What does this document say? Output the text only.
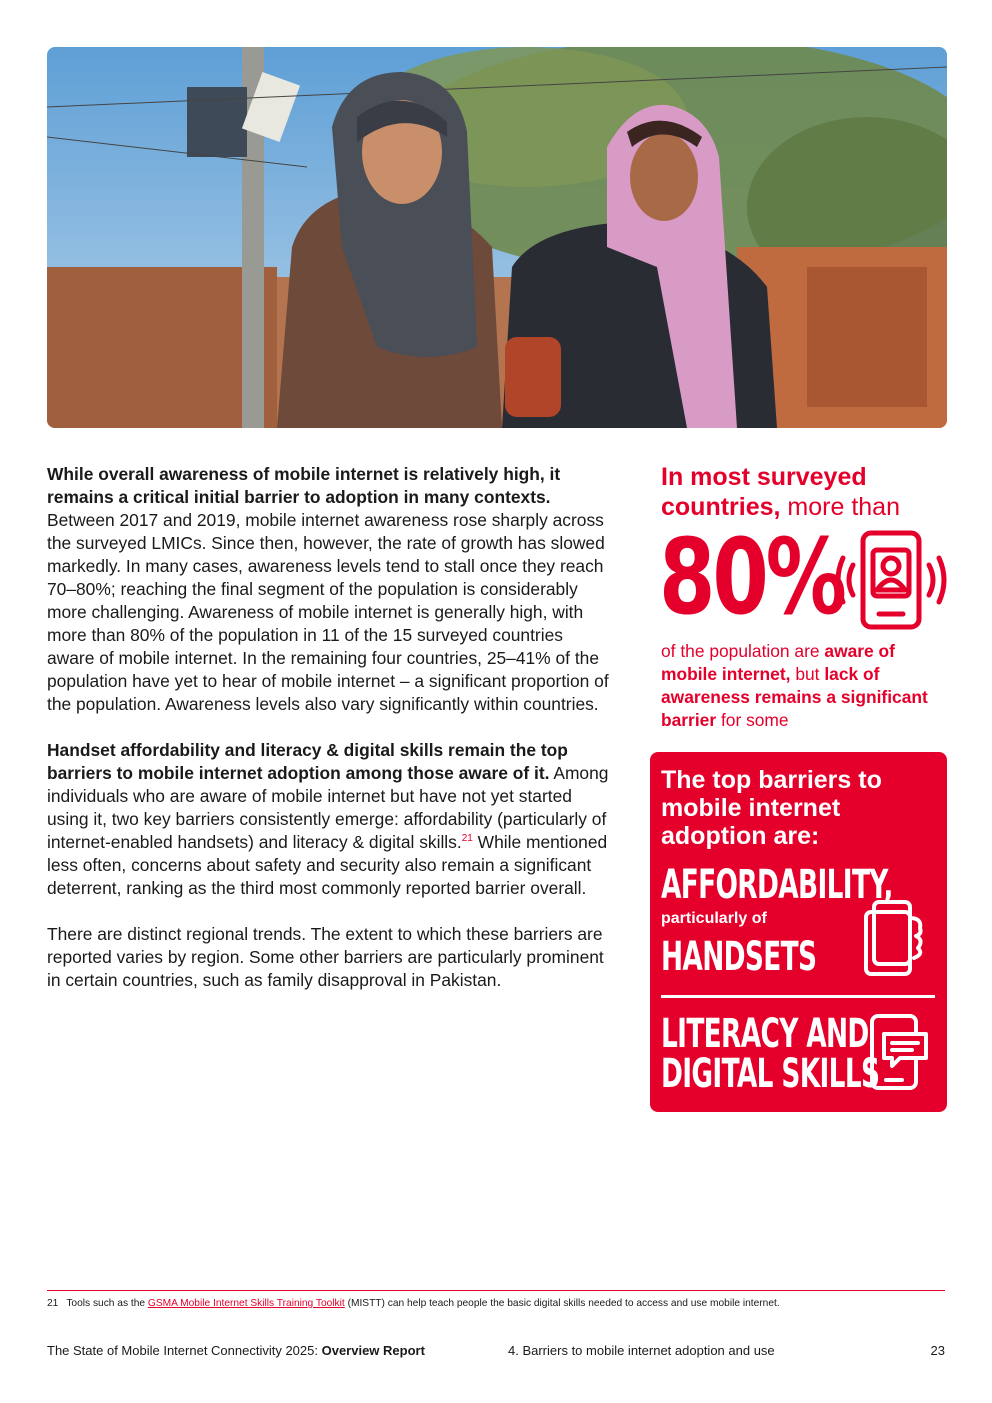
While overall awareness of mobile internet is relatively high, it remains a critical initial barrier to adoption in many contexts. Between 2017 and 2019, mobile internet awareness rose sharply across the surveyed LMICs. Since then, however, the rate of growth has slowed markedly. In many cases, awareness levels tend to stall once they reach 70–80%; reaching the final segment of the population is considerably more challenging. Awareness of mobile internet is generally high, with more than 80% of the population in 11 of the 15 surveyed countries aware of mobile internet. In the remaining four countries, 25–41% of the population have yet to hear of mobile internet – a significant proportion of the population. Awareness levels also vary significantly within countries.

Handset affordability and literacy & digital skills remain the top barriers to mobile internet adoption among those aware of it. Among individuals who are aware of mobile internet but have not yet started using it, two key barriers consistently emerge: affordability (particularly of internet-enabled handsets) and literacy & digital skills.$^{21}$ While mentioned less often, concerns about safety and security also remain a significant deterrent, ranking as the third most commonly reported barrier overall.

There are distinct regional trends. The extent to which these barriers are reported varies by region. Some other barriers are particularly prominent in certain countries, such as family disapproval in Pakistan.

In most surveyed countries, more than
80%
of the population are aware of mobile internet, but lack of awareness remains a significant barrier for some
The top barriers to mobile internet adoption are:
AFFORDABILITY,
particularly of
HANDSETS
LITERACY AND
DIGITAL SKILLS
21 Tools such as the GSMA Mobile Internet Skills Training Toolkit (MISTT) can help teach people the basic digital skills needed to access and use mobile internet.
The State of Mobile Internet Connectivity 2025: Overview Report	4. Barriers to mobile internet adoption and use	23
